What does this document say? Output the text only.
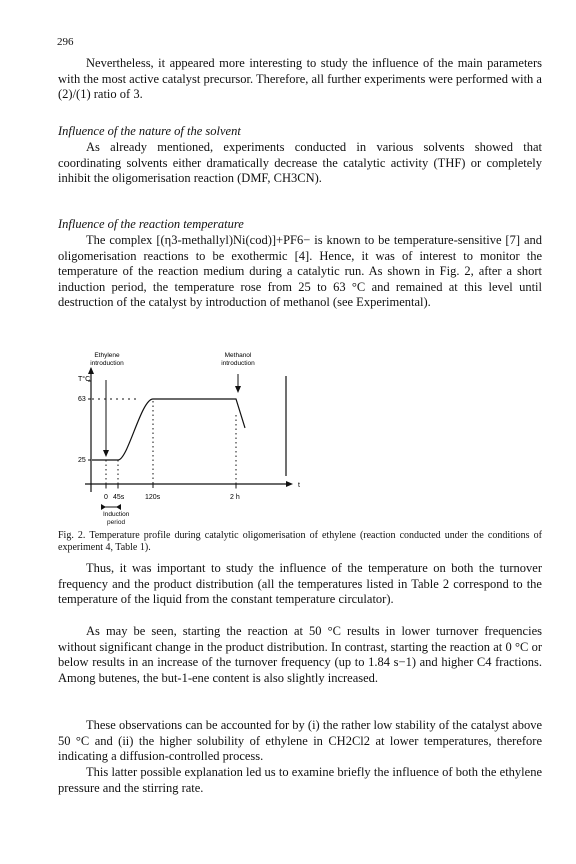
296

Nevertheless, it appeared more interesting to study the influence of the main parameters with the most active catalyst precursor. Therefore, all further experiments were performed with a (2)/(1) ratio of 3.

Influence of the nature of the solvent

As already mentioned, experiments conducted in various solvents showed that coordinating solvents either dramatically decrease the catalytic activity (THF) or completely inhibit the oligomerisation reaction (DMF, CH3CN).

Influence of the reaction temperature

The complex [(η3-methallyl)Ni(cod)]+PF6− is known to be temperature-sensitive [7] and oligomerisation reactions to be exothermic [4]. Hence, it was of interest to monitor the temperature of the reaction medium during a catalytic run. As shown in Fig. 2, after a short induction period, the temperature rose from 25 to 63 °C and remained at this level until destruction of the catalyst by introduction of methanol (see Experimental).

Ethylene
introduction
Methanol
introduction
T°C
t
63
25
0 45s	120s	2 h
Induction
period

Fig. 2. Temperature profile during catalytic oligomerisation of ethylene (reaction conducted under the conditions of experiment 4, Table 1).

Thus, it was important to study the influence of the temperature on both the turnover frequency and the product distribution (all the temperatures listed in Table 2 correspond to the temperature of the liquid from the constant temperature circulator).

As may be seen, starting the reaction at 50 °C results in lower turnover frequencies without significant change in the product distribution. In contrast, starting the reaction at 0 °C or below results in an increase of the turnover frequency (up to 1.84 s−1) and higher C4 fractions. Among butenes, the but-1-ene content is also slightly increased.

These observations can be accounted for by (i) the rather low stability of the catalyst above 50 °C and (ii) the higher solubility of ethylene in CH2Cl2 at lower temperatures, therefore indicating a diffusion-controlled process.

This latter possible explanation led us to examine briefly the influence of both the ethylene pressure and the stirring rate.
